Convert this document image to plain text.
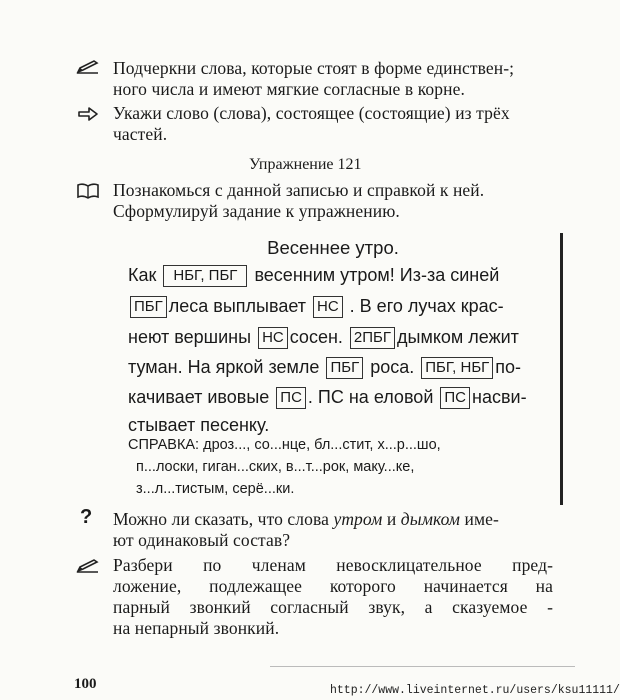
Подчеркни слова, которые стоят в форме единствен-;
ного числа и имеют мягкие согласные в корне.
Укажи слово (слова), состоящее (состоящие) из трёх
частей.
Упражнение 121
Познакомься с данной записью и справкой к ней.
Сформулируй задание к упражнению.
Весеннее утро.
Как НБГ, ПБГ весенним утром! Из-за синей
ПБГ леса выплывает НС . В его лучах крас-
неют вершины НС сосен. 2ПБГ дымком лежит
туман. На яркой земле ПБГ роса. ПБГ, НБГ по-
качивает ивовые ПС . ПС на еловой ПС насви-
стывает песенку.
СПРАВКА: дроз..., со...нце, бл...стит, х...р...шо,
п...лоски, гиган...ских, в...т...рок, маку...ке,
з...л...тистым, серё...ки.
? Можно ли сказать, что слова утром и дымком име-
ют одинаковый состав?
Разбери по членам невосклицательное пред-
ложение, подлежащее которого начинается на
парный звонкий согласный звук, а сказуемое -
на непарный звонкий.
100	http://www.liveinternet.ru/users/ksu11111/
